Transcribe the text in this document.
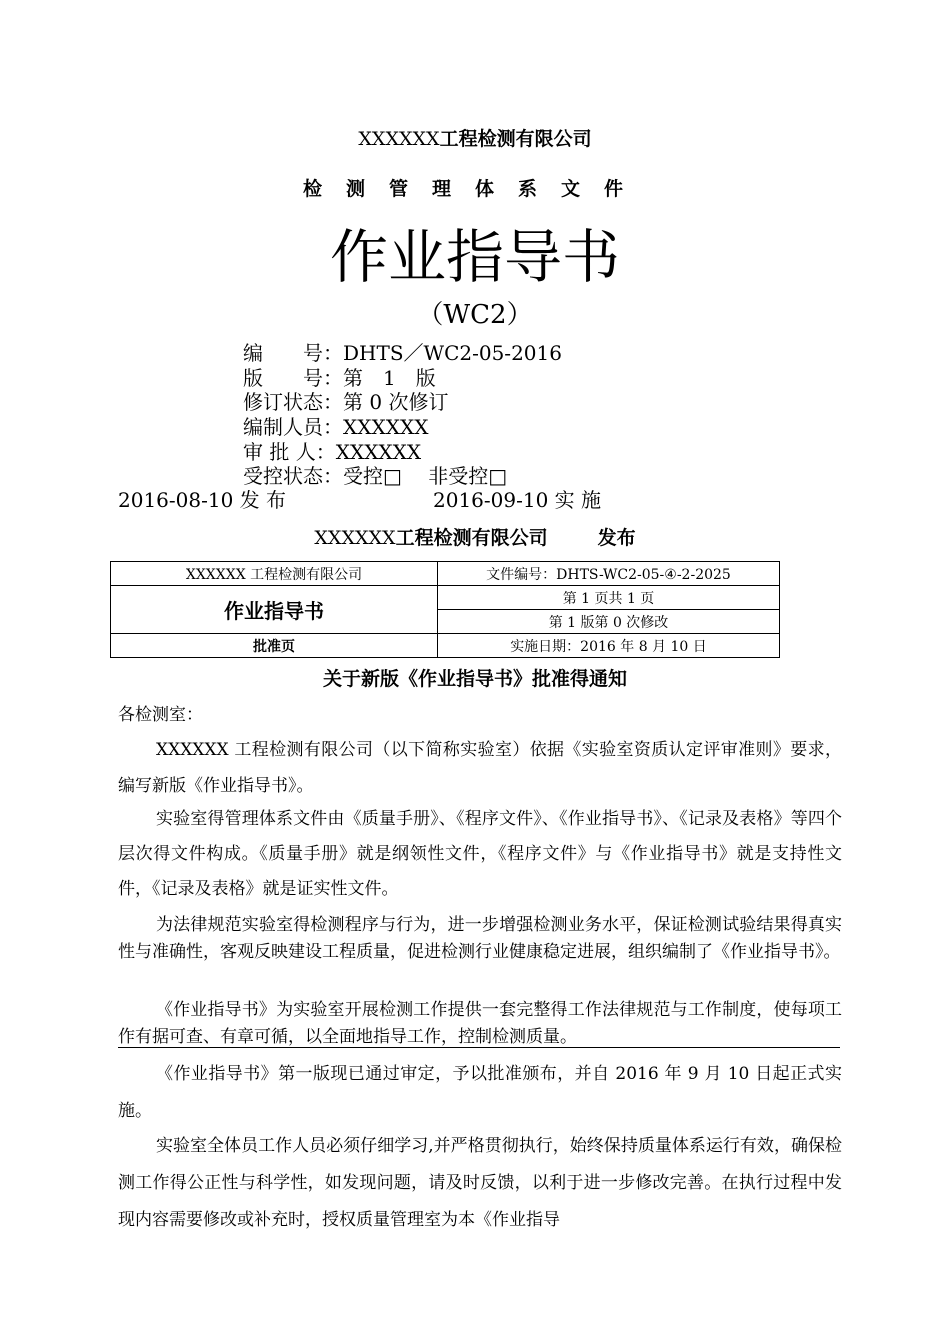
XXXXXX工程检测有限公司
检测管理体系文件
作业指导书
（WC2）
编　　号：DHTS／WC2-05-2016
版　　号：第　1　版
修订状态：第 0 次修订
编制人员：XXXXXX
审 批 人：XXXXXX
受控状态：受控□　 非受控□
2016-08-10 发 布	2016-09-10 实 施
XXXXXX工程检测有限公司	发布
XXXXXX 工程检测有限公司	文件编号：DHTS-WC2-05-④-2-2025
作业指导书	第 1 页共 1 页
	第 1 版第 0 次修改
批准页	实施日期：2016 年 8 月 10 日
关于新版《作业指导书》批准得通知
各检测室：
XXXXXX 工程检测有限公司（以下简称实验室）依据《实验室资质认定评审准则》要求，编写新版《作业指导书》。
实验室得管理体系文件由《质量手册》、《程序文件》、《作业指导书》、《记录及表格》等四个层次得文件构成。《质量手册》就是纲领性文件，《程序文件》与《作业指导书》就是支持性文件，《记录及表格》就是证实性文件。
为法律规范实验室得检测程序与行为，进一步增强检测业务水平，保证检测试验结果得真实性与准确性，客观反映建设工程质量，促进检测行业健康稳定进展，组织编制了《作业指导书》。
《作业指导书》为实验室开展检测工作提供一套完整得工作法律规范与工作制度，使每项工作有据可查、有章可循，以全面地指导工作，控制检测质量。
《作业指导书》第一版现已通过审定，予以批准颁布，并自 2016 年 9 月 10 日起正式实施。
实验室全体员工作人员必须仔细学习,并严格贯彻执行，始终保持质量体系运行有效，确保检测工作得公正性与科学性，如发现问题，请及时反馈，以利于进一步修改完善。在执行过程中发现内容需要修改或补充时，授权质量管理室为本《作业指导
